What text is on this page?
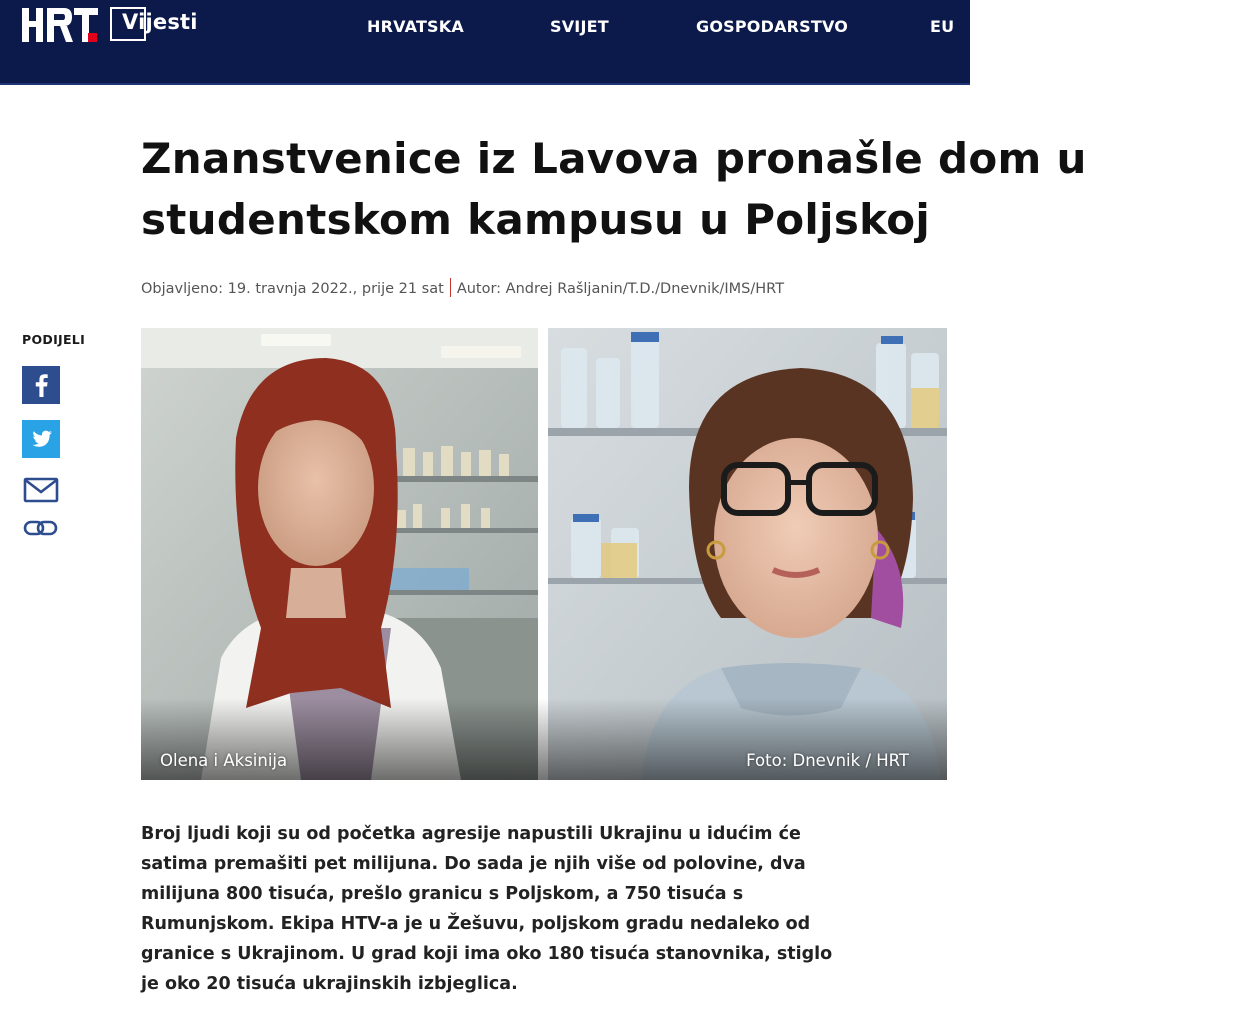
Vijesti	HRVATSKA	SVIJET	GOSPODARSTVO	EU
Znanstvenice iz Lavova pronašle dom u
studentskom kampusu u Poljskoj
Objavljeno: 19. travnja 2022., prije 21 sat Autor: Andrej Rašljanin/T.D./Dnevnik/IMS/HRT
PODIJELI
Olena i Aksinija	Foto: Dnevnik / HRT

Broj ljudi koji su od početka agresije napustili Ukrajinu u idućim će
satima premašiti pet milijuna. Do sada je njih više od polovine, dva
milijuna 800 tisuća, prešlo granicu s Poljskom, a 750 tisuća s
Rumunjskom. Ekipa HTV-a je u Žešuvu, poljskom gradu nedaleko od
granice s Ukrajinom. U grad koji ima oko 180 tisuća stanovnika, stiglo
je oko 20 tisuća ukrajinskih izbjeglica.
